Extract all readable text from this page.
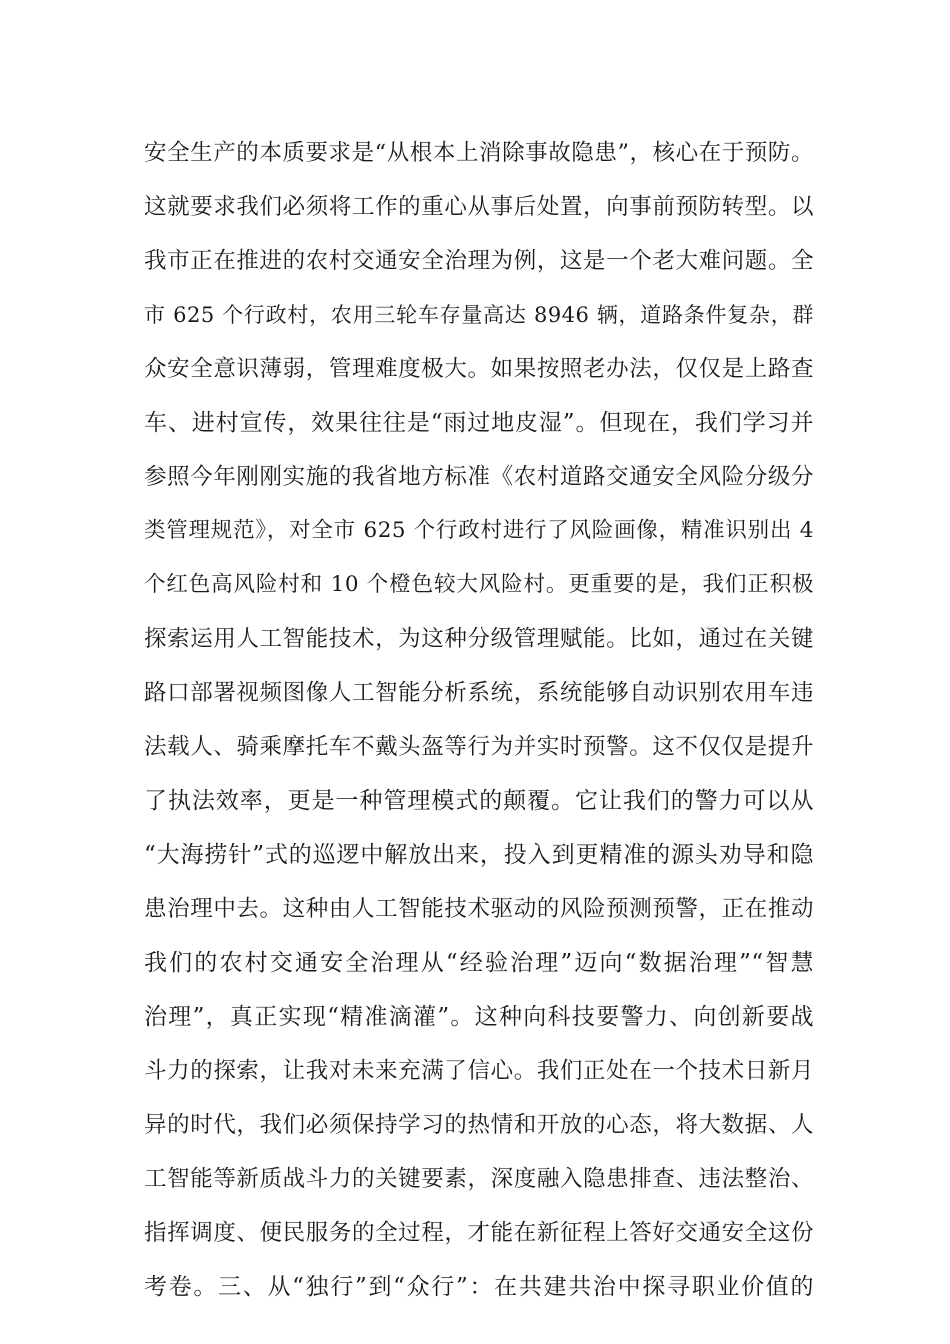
安全生产的本质要求是“从根本上消除事故隐患”，核心在于预防。
这就要求我们必须将工作的重心从事后处置，向事前预防转型。以
我市正在推进的农村交通安全治理为例，这是一个老大难问题。全
市 625 个行政村，农用三轮车存量高达 8946 辆，道路条件复杂，群
众安全意识薄弱，管理难度极大。如果按照老办法，仅仅是上路查
车、进村宣传，效果往往是“雨过地皮湿”。但现在，我们学习并
参照今年刚刚实施的我省地方标准《农村道路交通安全风险分级分
类管理规范》，对全市 625 个行政村进行了风险画像，精准识别出 4
个红色高风险村和 10 个橙色较大风险村。更重要的是，我们正积极
探索运用人工智能技术，为这种分级管理赋能。比如，通过在关键
路口部署视频图像人工智能分析系统，系统能够自动识别农用车违
法载人、骑乘摩托车不戴头盔等行为并实时预警。这不仅仅是提升
了执法效率，更是一种管理模式的颠覆。它让我们的警力可以从
“大海捞针”式的巡逻中解放出来，投入到更精准的源头劝导和隐
患治理中去。这种由人工智能技术驱动的风险预测预警，正在推动
我们的农村交通安全治理从“经验治理”迈向“数据治理”“智慧
治理”，真正实现“精准滴灌”。这种向科技要警力、向创新要战
斗力的探索，让我对未来充满了信心。我们正处在一个技术日新月
异的时代，我们必须保持学习的热情和开放的心态，将大数据、人
工智能等新质战斗力的关键要素，深度融入隐患排查、违法整治、
指挥调度、便民服务的全过程，才能在新征程上答好交通安全这份
考卷。三、从“独行”到“众行”：在共建共治中探寻职业价值的
